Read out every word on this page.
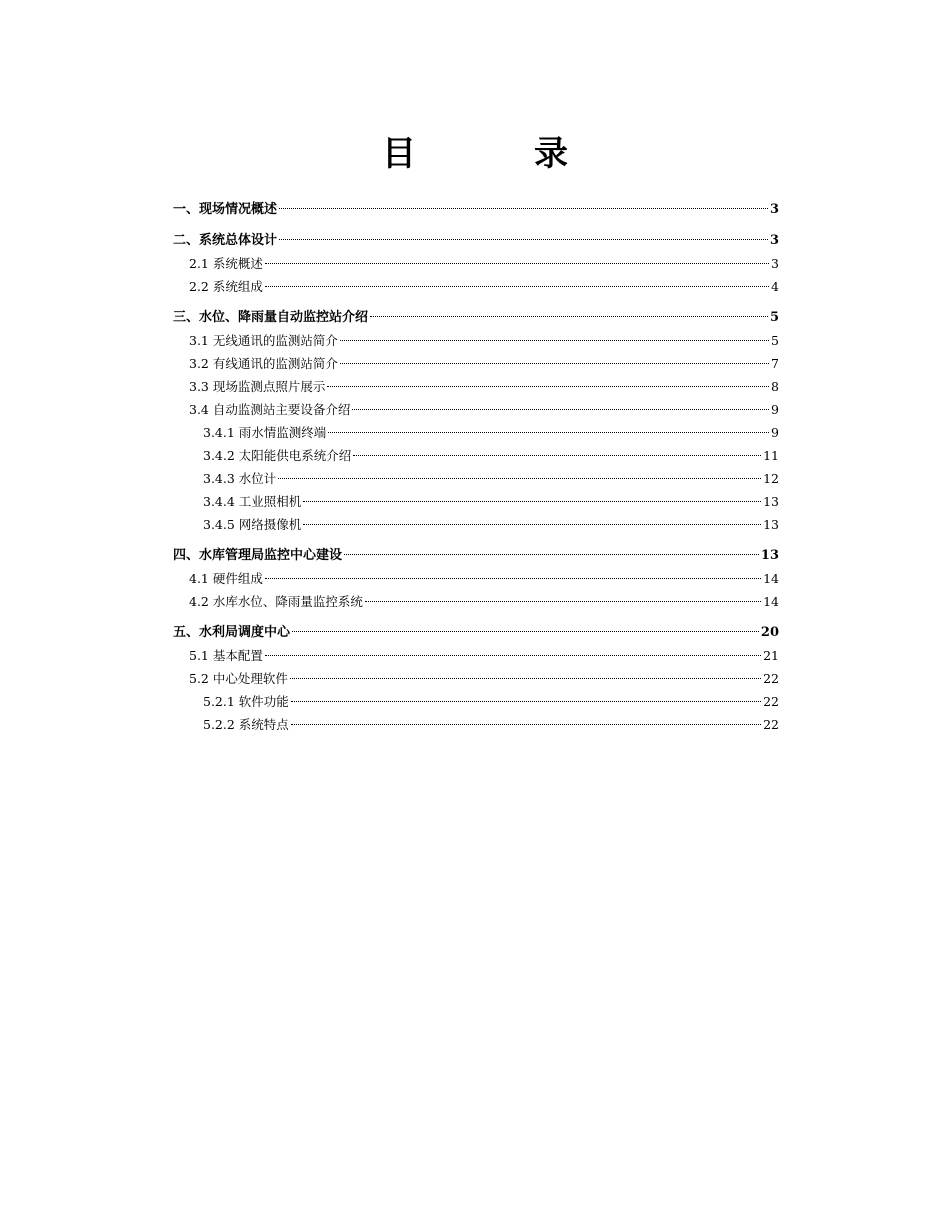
目　录
一、现场情况概述	3
二、系统总体设计	3
2.1 系统概述	3
2.2 系统组成	4
三、水位、降雨量自动监控站介绍	5
3.1 无线通讯的监测站简介	5
3.2 有线通讯的监测站简介	7
3.3 现场监测点照片展示	8
3.4 自动监测站主要设备介绍	9
3.4.1 雨水情监测终端	9
3.4.2 太阳能供电系统介绍	11
3.4.3 水位计	12
3.4.4 工业照相机	13
3.4.5 网络摄像机	13
四、水库管理局监控中心建设	13
4.1 硬件组成	14
4.2 水库水位、降雨量监控系统	14
五、水利局调度中心	20
5.1 基本配置	21
5.2 中心处理软件	22
5.2.1 软件功能	22
5.2.2 系统特点	22
